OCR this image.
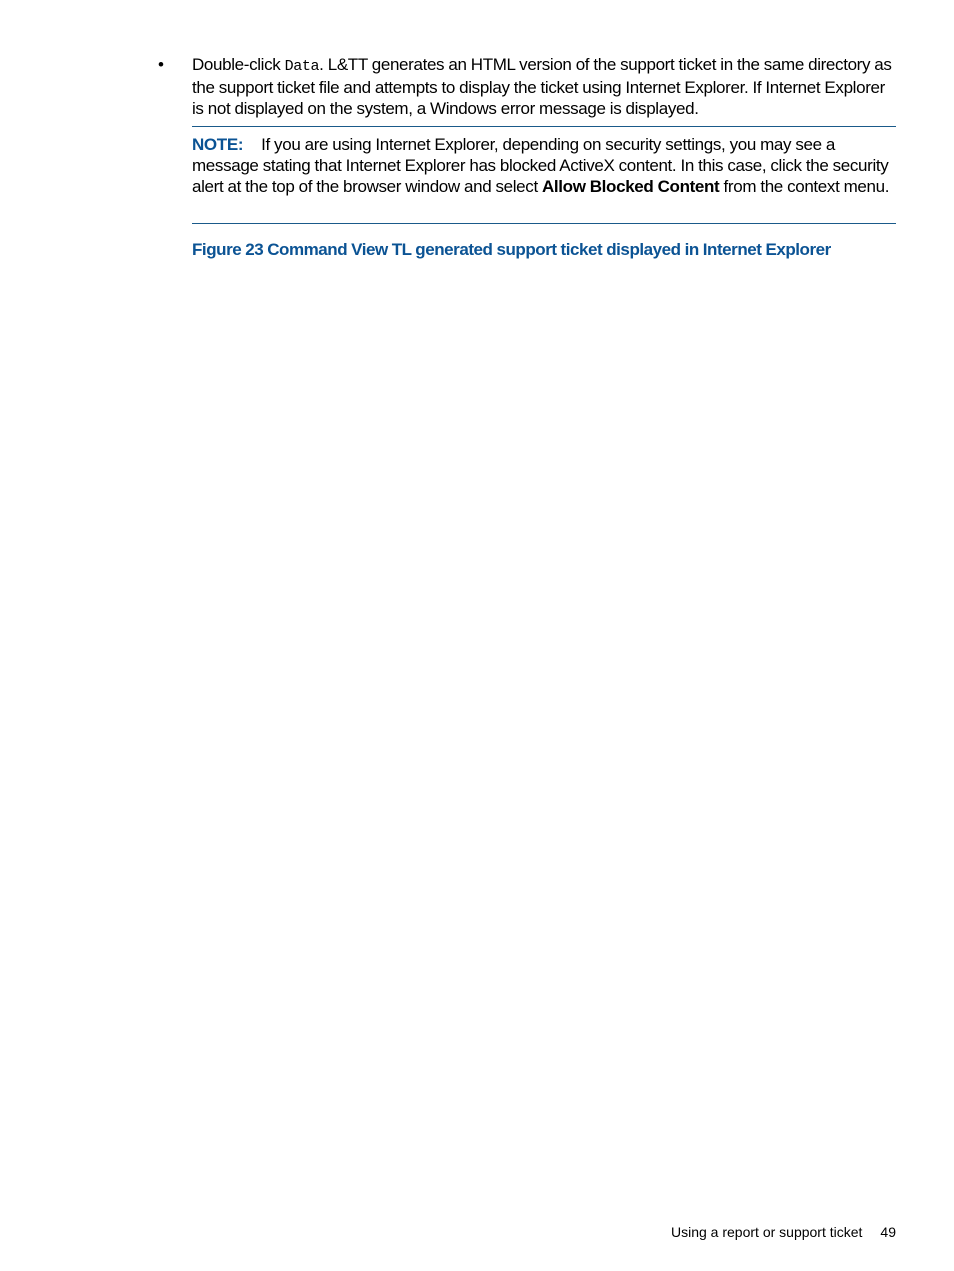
•	Double-click Data. L&TT generates an HTML version of the support ticket in the same directory as the support ticket file and attempts to display the ticket using Internet Explorer. If Internet Explorer is not displayed on the system, a Windows error message is displayed.
NOTE: If you are using Internet Explorer, depending on security settings, you may see a message stating that Internet Explorer has blocked ActiveX content. In this case, click the security alert at the top of the browser window and select Allow Blocked Content from the context menu.
Figure 23 Command View TL generated support ticket displayed in Internet Explorer
Using a report or support ticket 49
